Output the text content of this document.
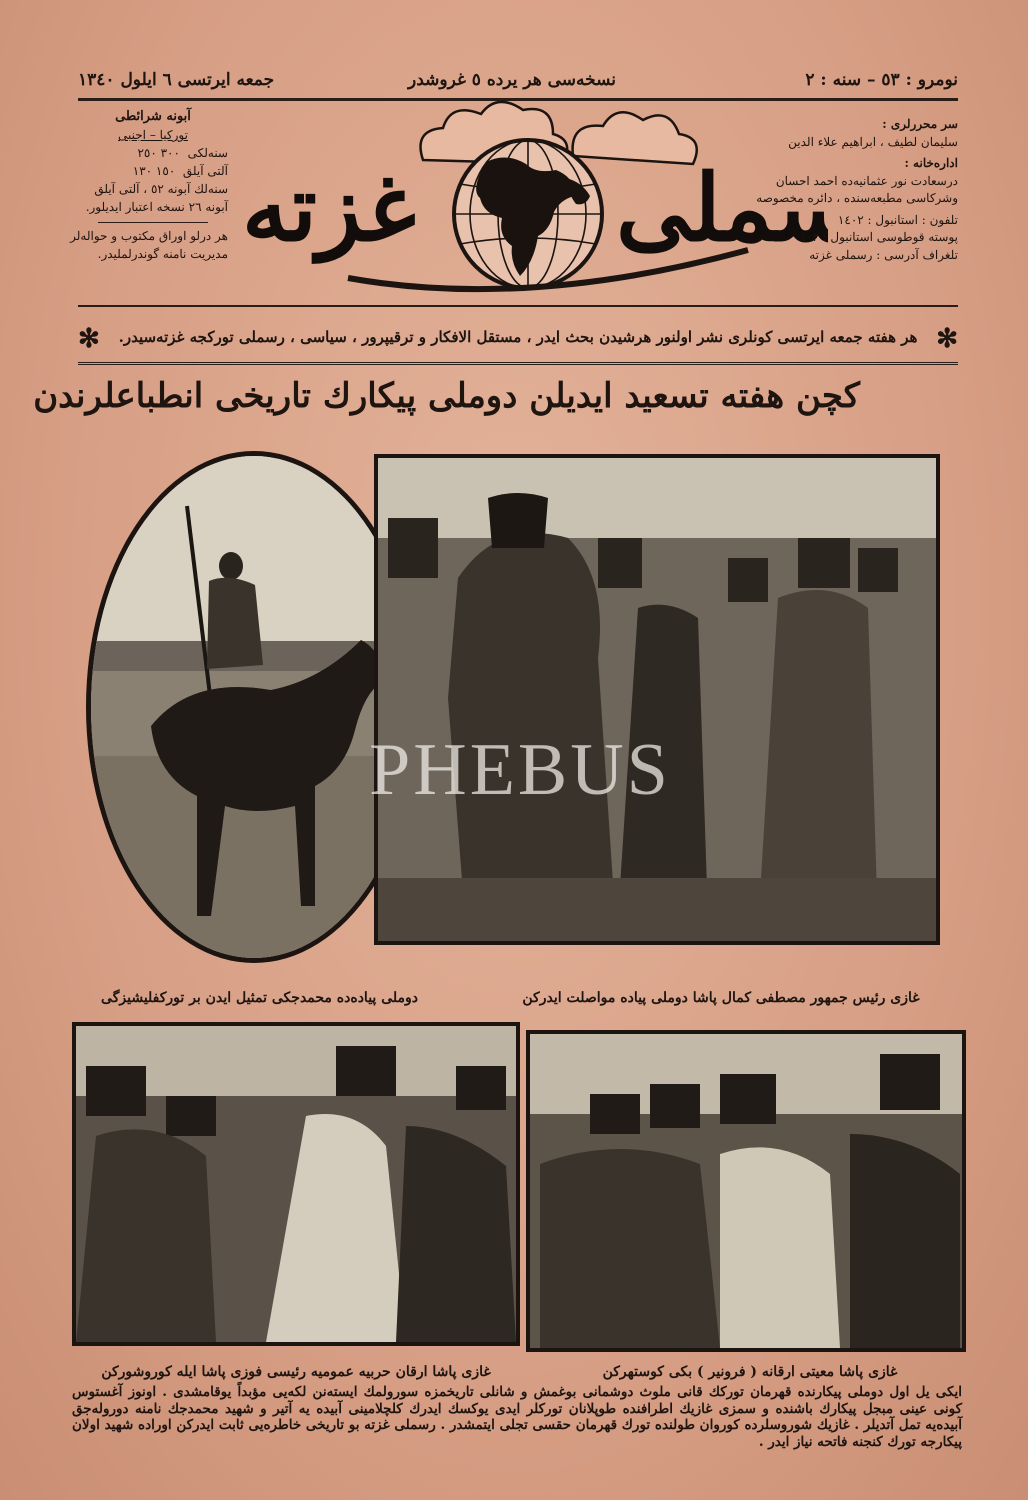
جمعه ایرتسی ٦ ایلول ١٣٤٠	نسخه‌سی هر یرده ٥ غروشدر	نومرو : ٥٣ – سنه : ٢
آبونه شرائطی
توركیا – اجنبی
سنه‌لكی  ٣٠٠ ٢٥٠
آلتی آیلق  ١٥٠ ١٣٠
سنه‌لك آبونه ٥٢ ، آلتی آیلق
آبونه ٢٦ نسخه اعتبار ایدیلور.
هر درلو اوراق مكتوب و حواله‌لر
مدیریت نامنه گوندرلملیدر. غزته	ملی
سر محررلری :
سلیمان لطیف ، ابراهیم علاء الدین
اداره‌خانه :
درسعادت نور عثمانیه‌ده احمد احسان
وشركاسی مطبعه‌سنده ، دائره‌ مخصوصه
تلفون : استانبول : ١٤٠٢
پوسته قوطوسی استانبول : ١٠٣
تلغراف آدرسی : رسملی غزته
✻	هر هفته جمعه ایرتسی كونلری نشر اولنور هرشیدن بحث ایدر ، مستقل الافكار و ترقیپرور ، سیاسی ، رسملی توركجه غزته‌سیدر. ✻
كچن هفته تسعید ایدیلن دوملی پیكارك تاریخی انطباعلرندن
PHEBUS
دوملی پیاده‌ده محمدجكی تمثیل ایدن بر توركفلیشیزگی	غازی رئیس جمهور مصطفی كمال پاشا دوملی پیاده مواصلت ایدركن
غازی پاشا ارقان حربیه عمومیه رئیسی فوزی پاشا ایله كوروشوركن	غازی پاشا معیتی ارقانه ( فرونیر ) بكی كوستهركن
ایكی یل اول دوملی پیكارنده قهرمان توركك قانی ملوث دوشمانی بوغمش و شانلی تاریخمزه سورولمك ایسته‌نن لكه‌یی مؤبداً یوقامشدی . اونوز آغستوس كونی عینی مبجل پیكارك باشنده و سمزی غازیك اطرافنده طوپلانان توركلر ایدی یوكسك ایدرك كلچلامینی آبیده یه آتیر و شهید محمدجك نامنه دوروله‌جق آبیده‌یه تمل آتدیلر . غازیك شوروسلرده كوروان طولنده تورك قهرمان حقسی تجلی ایتمشدر . رسملی غزته بو تاریخی خاطره‌یی ثابت ایدركن اوراده شهید اولان پیكارجه تورك كنجنه فاتحه نیاز ایدر .
